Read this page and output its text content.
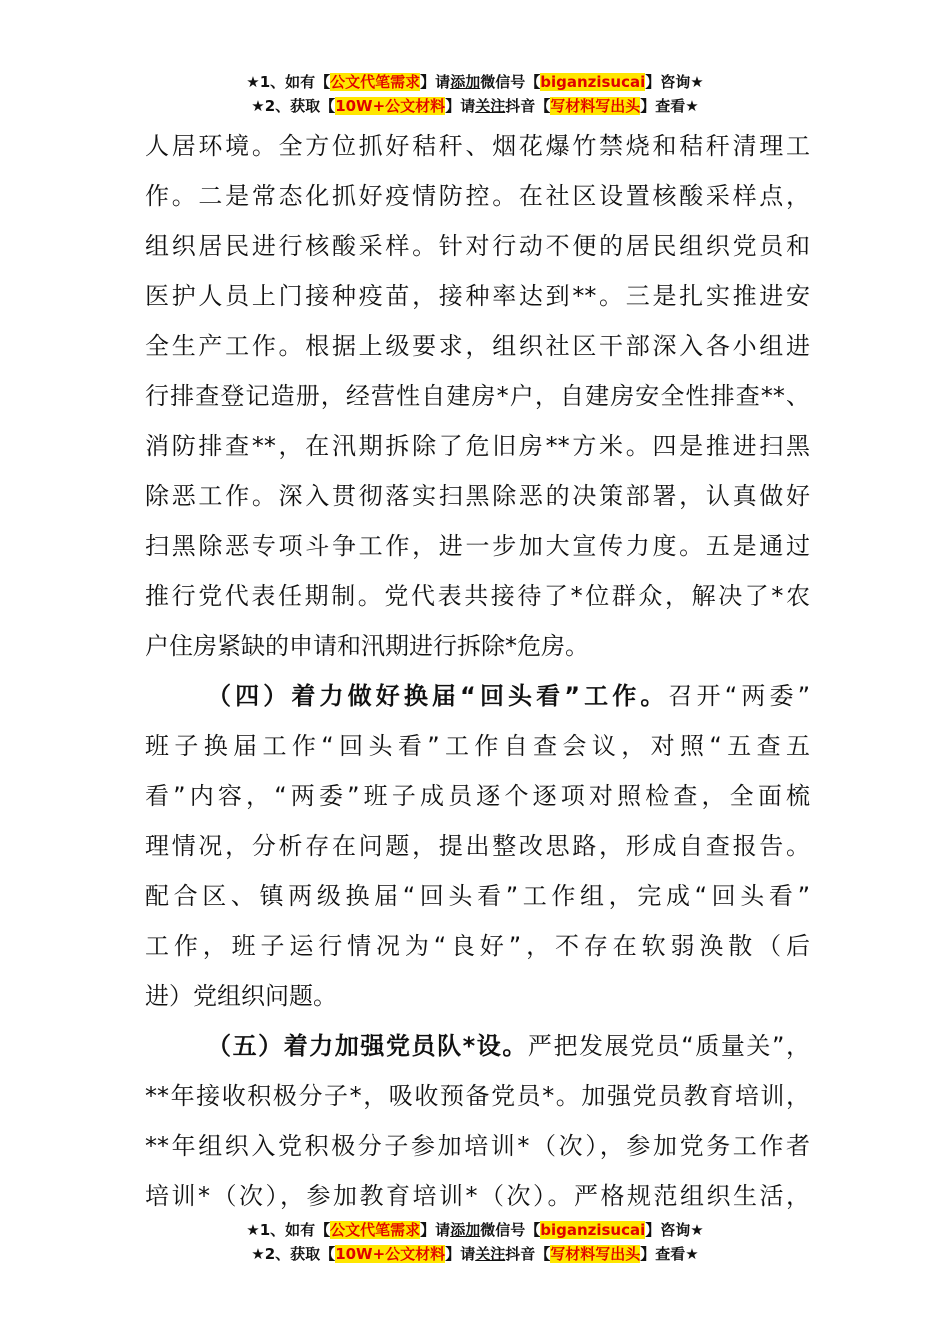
★1、如有【公文代笔需求】请添加微信号【biganzisucai】咨询★
★2、获取【10W+公文材料】请关注抖音【写材料写出头】查看★
人居环境。全方位抓好秸秆、烟花爆竹禁烧和秸秆清理工
作。二是常态化抓好疫情防控。在社区设置核酸采样点，
组织居民进行核酸采样。针对行动不便的居民组织党员和
医护人员上门接种疫苗，接种率达到**。三是扎实推进安
全生产工作。根据上级要求，组织社区干部深入各小组进
行排查登记造册，经营性自建房*户，自建房安全性排查**、
消防排查**，在汛期拆除了危旧房**方米。四是推进扫黑
除恶工作。深入贯彻落实扫黑除恶的决策部署，认真做好
扫黑除恶专项斗争工作，进一步加大宣传力度。五是通过
推行党代表任期制。党代表共接待了*位群众，解决了*农
户住房紧缺的申请和汛期进行拆除*危房。
（四）着力做好换届“回头看”工作。召开“两委”
班子换届工作“回头看”工作自查会议，对照“五查五
看”内容，“两委”班子成员逐个逐项对照检查，全面梳
理情况，分析存在问题，提出整改思路，形成自查报告。
配合区、镇两级换届“回头看”工作组，完成“回头看”
工作，班子运行情况为“良好”，不存在软弱涣散（后
进）党组织问题。
（五）着力加强党员队*设。严把发展党员“质量关”，
**年接收积极分子*，吸收预备党员*。加强党员教育培训，
**年组织入党积极分子参加培训*（次），参加党务工作者
培训*（次），参加教育培训*（次）。严格规范组织生活，
★1、如有【公文代笔需求】请添加微信号【biganzisucai】咨询★
★2、获取【10W+公文材料】请关注抖音【写材料写出头】查看★
